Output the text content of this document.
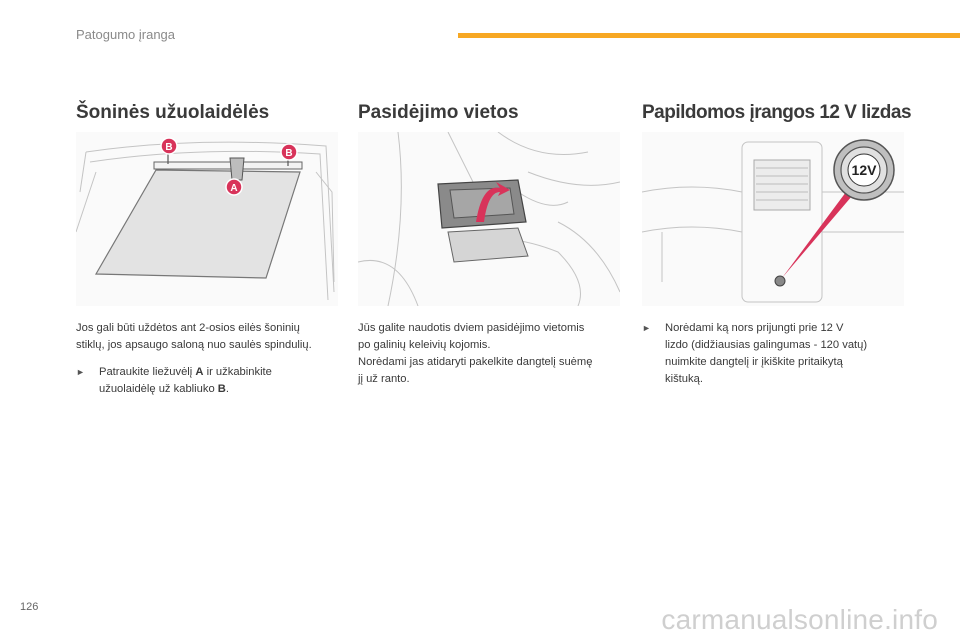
Patogumo įranga
Šoninės užuolaidėlės
B
B
A

Jos gali būti uždėtos ant 2-osios eilės šoninių
stiklų, jos apsaugo saloną nuo saulės spindulių.

►	Patraukite liežuvėlį A ir užkabinkite
užuolaidėlę už kabliuko B.
Pasidėjimo vietos

Jūs galite naudotis dviem pasidėjimo vietomis
po galinių keleivių kojomis.
Norėdami jas atidaryti pakelkite dangtelį suėmę
jį už ranto.

Papildomos įrangos 12 V lizdas
12V
►	Norėdami ką nors prijungti prie 12 V
lizdo (didžiausias galingumas - 120 vatų)
nuimkite dangtelį ir įkiškite pritaikytą
kištuką.
126	carmanualsonline.info
